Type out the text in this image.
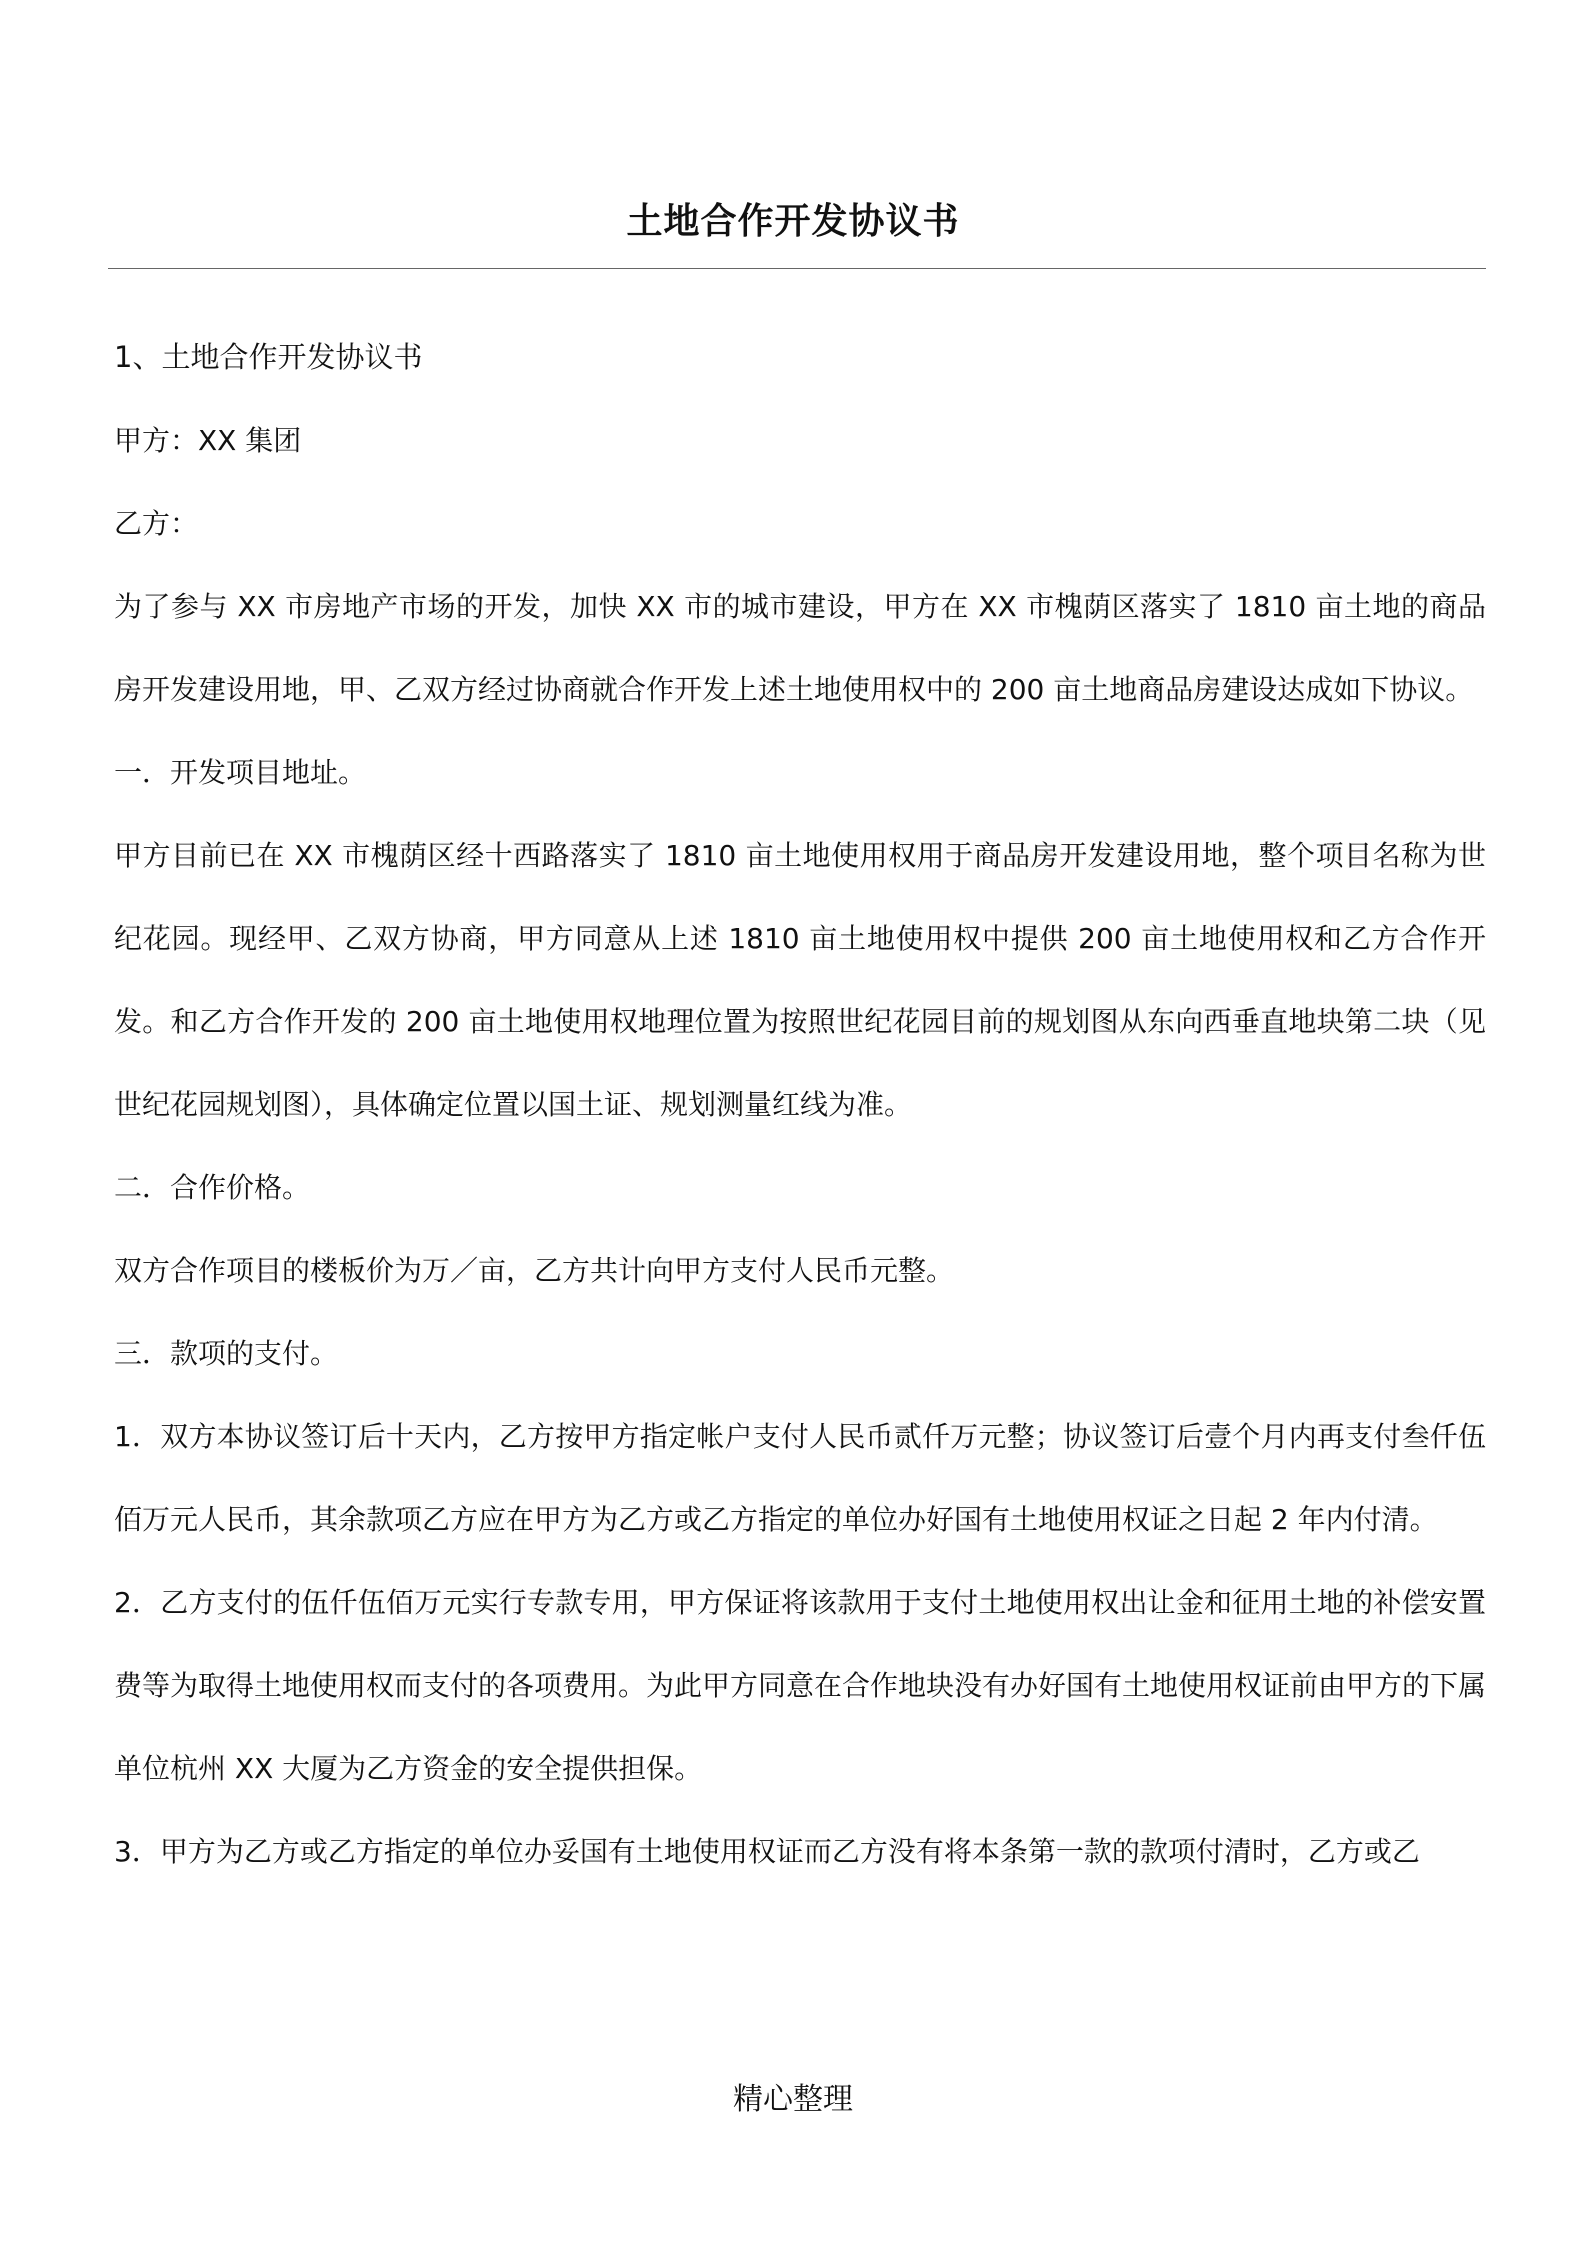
土地合作开发协议书

1、土地合作开发协议书

甲方：XX 集团

乙方：

为了参与 XX 市房地产市场的开发，加快 XX 市的城市建设，甲方在 XX 市槐荫区落实了 1810 亩土地的商品房开发建设用地，甲、乙双方经过协商就合作开发上述土地使用权中的 200 亩土地商品房建设达成如下协议。

一．开发项目地址。

甲方目前已在 XX 市槐荫区经十西路落实了 1810 亩土地使用权用于商品房开发建设用地，整个项目名称为世纪花园。现经甲、乙双方协商，甲方同意从上述 1810 亩土地使用权中提供 200 亩土地使用权和乙方合作开发。和乙方合作开发的 200 亩土地使用权地理位置为按照世纪花园目前的规划图从东向西垂直地块第二块（见世纪花园规划图），具体确定位置以国土证、规划测量红线为准。

二．合作价格。

双方合作项目的楼板价为万／亩，乙方共计向甲方支付人民币元整。

三．款项的支付。

1．双方本协议签订后十天内，乙方按甲方指定帐户支付人民币贰仟万元整；协议签订后壹个月内再支付叁仟伍佰万元人民币，其余款项乙方应在甲方为乙方或乙方指定的单位办好国有土地使用权证之日起 2 年内付清。

2．乙方支付的伍仟伍佰万元实行专款专用，甲方保证将该款用于支付土地使用权出让金和征用土地的补偿安置费等为取得土地使用权而支付的各项费用。为此甲方同意在合作地块没有办好国有土地使用权证前由甲方的下属单位杭州 XX 大厦为乙方资金的安全提供担保。

3．甲方为乙方或乙方指定的单位办妥国有土地使用权证而乙方没有将本条第一款的款项付清时，乙方或乙

精心整理
